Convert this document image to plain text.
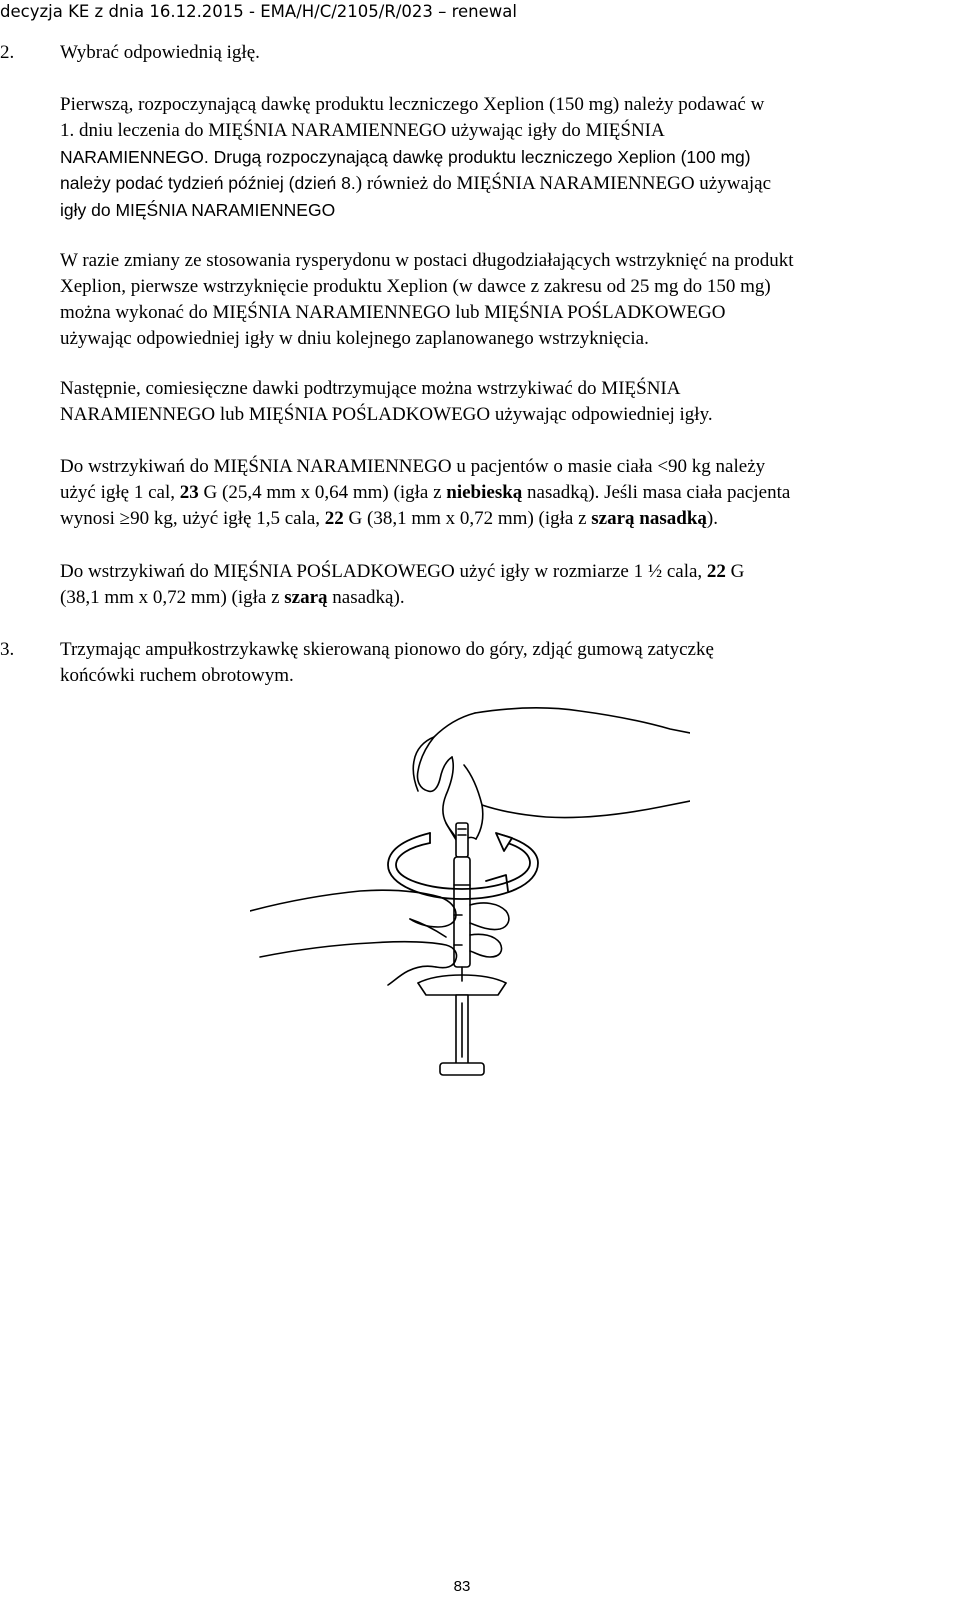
decyzja KE z dnia 16.12.2015 - EMA/H/C/2105/R/023 – renewal
2. Wybrać odpowiednią igłę.
Pierwszą, rozpoczynającą dawkę produktu leczniczego Xeplion (150 mg) należy podawać w
1. dniu leczenia do MIĘŚNIA NARAMIENNEGO używając igły do MIĘŚNIA
NARAMIENNEGO. Drugą rozpoczynającą dawkę produktu leczniczego Xeplion (100 mg)
należy podać tydzień później (dzień 8.) również do MIĘŚNIA NARAMIENNEGO używając
igły do MIĘŚNIA NARAMIENNEGO
W razie zmiany ze stosowania rysperydonu w postaci długodziałających wstrzyknięć na produkt
Xeplion, pierwsze wstrzyknięcie produktu Xeplion (w dawce z zakresu od 25 mg do 150 mg)
można wykonać do MIĘŚNIA NARAMIENNEGO lub MIĘŚNIA POŚLADKOWEGO
używając odpowiedniej igły w dniu kolejnego zaplanowanego wstrzyknięcia.
Następnie, comiesięczne dawki podtrzymujące można wstrzykiwać do MIĘŚNIA
NARAMIENNEGO lub MIĘŚNIA POŚLADKOWEGO używając odpowiedniej igły.
Do wstrzykiwań do MIĘŚNIA NARAMIENNEGO u pacjentów o masie ciała <90 kg należy
użyć igłę 1 cal, 23 G (25,4 mm x 0,64 mm) (igła z niebieską nasadką). Jeśli masa ciała pacjenta
wynosi ≥90 kg, użyć igłę 1,5 cala, 22 G (38,1 mm x 0,72 mm) (igła z szarą nasadką).
Do wstrzykiwań do MIĘŚNIA POŚLADKOWEGO użyć igły w rozmiarze 1 ½ cala, 22 G
(38,1 mm x 0,72 mm) (igła z szarą nasadką).
3. Trzymając ampułkostrzykawkę skierowaną pionowo do góry, zdjąć gumową zatyczkę
końcówki ruchem obrotowym.
83
